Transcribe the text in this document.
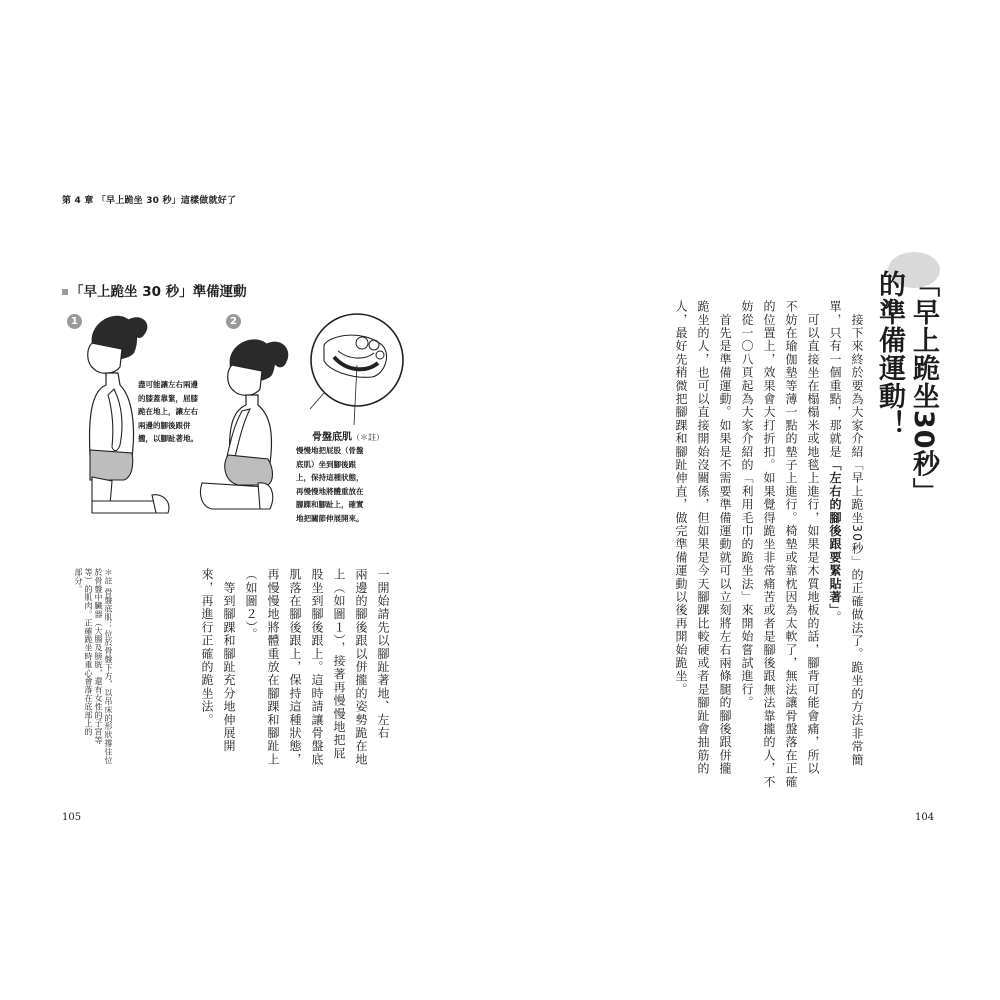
第 4 章 「早上跪坐 30 秒」這樣做就好了
「早上跪坐 30 秒」準備運動
1	2
盡可能讓左右兩邊
的膝蓋靠緊，屈膝
跪在地上，讓左右
兩邊的腳後跟併
攏，以腳趾著地。	骨盤底肌（＊註）
慢慢地把屁股（骨盤
底肌）坐到腳後跟
上，保持這種狀態，
再慢慢地將體重放在
腳踝和腳趾上，確實
地把關節伸展開來。
一開始請先以腳趾著地、左右
兩邊的腳後跟以併攏的姿勢跪在地
上（如圖１），接著再慢慢地把屁
股坐到腳後跟上。這時請讓骨盤底
肌落在腳後跟上，保持這種狀態，
再慢慢地將體重放在腳踝和腳趾上
（如圖２）。
　等到腳踝和腳趾充分地伸展開
來，再進行正確的跪坐法。
＊註 骨盤底肌：位於骨盤下方，以吊床的形狀撐住位
於骨盤中臟器（大腸及膀胱，還有女性的子宮等
等）的肌肉。正確跪坐時重心會落在底部上的
部分。
105
「早上跪坐30秒」
的準備運動！
　接下來終於要為大家介紹「早上跪坐30秒」的正確做法了。跪坐的方法非常簡
單，只有一個重點，那就是「左右的腳後跟要緊貼著」。
　可以直接坐在榻榻米或地毯上進行，如果是木質地板的話，腳背可能會痛，所以
不妨在瑜伽墊等薄一點的墊子上進行。椅墊或靠枕因為太軟了，無法讓骨盤落在正確
的位置上，效果會大打折扣。如果覺得跪坐非常痛苦或者是腳後跟無法靠攏的人，不
妨從一〇八頁起為大家介紹的「利用毛巾的跪坐法」來開始嘗試進行。
　首先是準備運動。如果是不需要準備運動就可以立刻將左右兩條腿的腳後跟併攏
跪坐的人，也可以直接開始沒關係，但如果是今天腳踝比較硬或者是腳趾會抽筋的
人，最好先稍微把腳踝和腳趾伸直，做完準備運動以後再開始跪坐。
104
